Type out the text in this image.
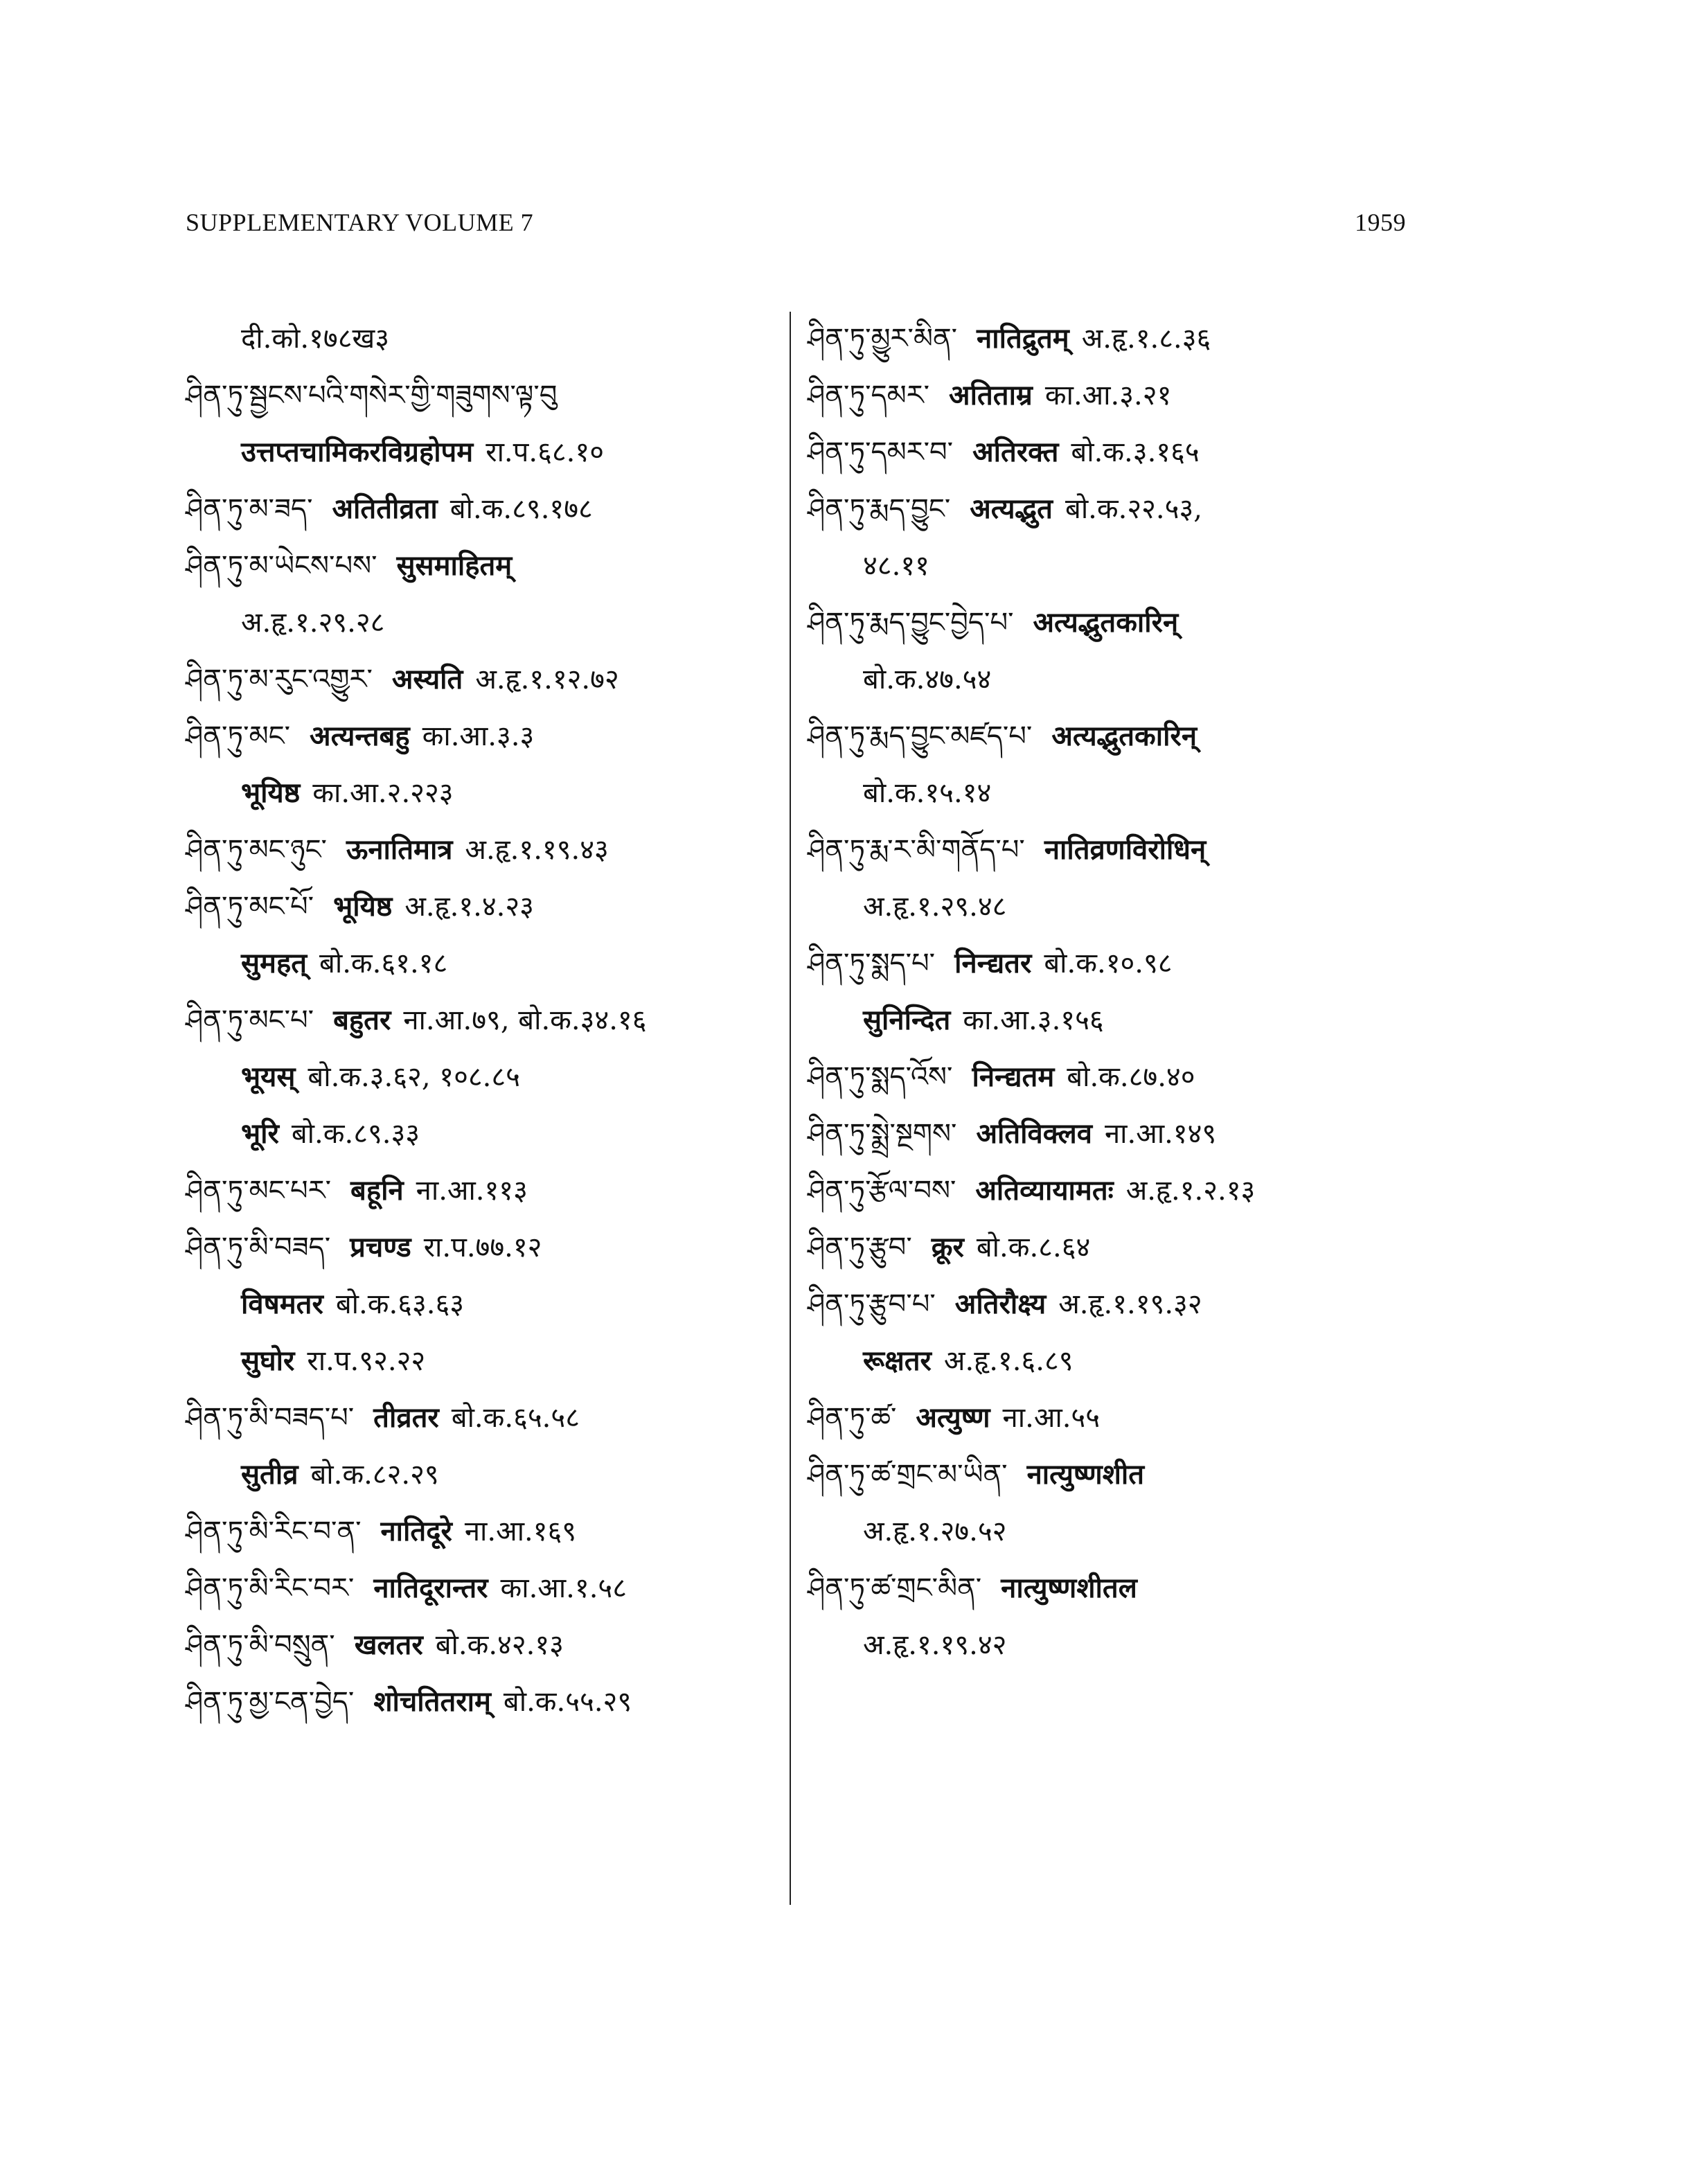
SUPPLEMENTARY VOLUME 7	1959
दी.को.१७८ख३
ཤིན་ཏུ་སྦྱངས་པའི་གསེར་གྱི་གཟུགས་ལྟ་བུ
उत्तप्तचामिकरविग्रहोपम रा.प.६८.१०
ཤིན་ཏུ་མ་ཟད་ अतितीव्रता बो.क.८९.१७८
ཤིན་ཏུ་མ་ཡེངས་པས་ सुसमाहितम्
अ.हृ.१.२९.२८
ཤིན་ཏུ་མ་རུང་འགྱུར་ अस्यति अ.हृ.१.१२.७२
ཤིན་ཏུ་མང་ अत्यन्तबहु का.आ.३.३
भूयिष्ठ का.आ.२.२२३
ཤིན་ཏུ་མང་ཉུང་ ऊनातिमात्र अ.हृ.१.१९.४३
ཤིན་ཏུ་མང་པོ་ भूयिष्ठ अ.हृ.१.४.२३
सुमहत् बो.क.६१.१८
ཤིན་ཏུ་མང་པ་ बहुतर ना.आ.७९, बो.क.३४.१६
भूयस् बो.क.३.६२, १०८.८५
भूरि बो.क.८९.३३
ཤིན་ཏུ་མང་པར་ बहूनि ना.आ.११३
ཤིན་ཏུ་མི་བཟད་ प्रचण्ड रा.प.७७.१२
विषमतर बो.क.६३.६३
सुघोर रा.प.९२.२२
ཤིན་ཏུ་མི་བཟད་པ་ तीव्रतर बो.क.६५.५८
सुतीव्र बो.क.८२.२९
ཤིན་ཏུ་མི་རིང་བ་ན་ नातिदूरे ना.आ.१६९
ཤིན་ཏུ་མི་རིང་བར་ नातिदूरान्तर का.आ.१.५८
ཤིན་ཏུ་མི་བསྲུན་ खलतर बो.क.४२.१३
ཤིན་ཏུ་མྱ་ངན་བྱེད་ शोचतितराम् बो.क.५५.२९
ཤིན་ཏུ་མྱུར་མིན་ नातिद्रुतम् अ.हृ.१.८.३६
ཤིན་ཏུ་དམར་ अतिताम्र का.आ.३.२१
ཤིན་ཏུ་དམར་བ་ अतिरक्त बो.क.३.१६५
ཤིན་ཏུ་རྨད་བྱུང་ अत्यद्भुत बो.क.२२.५३,
४८.११
ཤིན་ཏུ་རྨད་བྱུང་བྱེད་པ་ अत्यद्भुतकारिन्
बो.क.४७.५४
ཤིན་ཏུ་རྨད་བྱུང་མཛད་པ་ अत्यद्भुतकारिन्
बो.क.१५.१४
ཤིན་ཏུ་རྨ་ར་མི་གནོད་པ་ नातिव्रणविरोधिन्
अ.हृ.१.२९.४८
ཤིན་ཏུ་སྨད་པ་ निन्द्यतर बो.क.१०.९८
सुनिन्दित का.आ.३.१५६
ཤིན་ཏུ་སྨད་འོས་ निन्द्यतम बो.क.८७.४०
ཤིན་ཏུ་སྨྲེ་སྔགས་ अतिविक्लव ना.आ.१४९
ཤིན་ཏུ་རྩོལ་བས་ अतिव्यायामतः अ.हृ.१.२.१३
ཤིན་ཏུ་རྩུབ་ क्रूर बो.क.८.६४
ཤིན་ཏུ་རྩུབ་པ་ अतिरौक्ष्य अ.हृ.१.१९.३२
रूक्षतर अ.हृ.१.६.८९
ཤིན་ཏུ་ཚ་ अत्युष्ण ना.आ.५५
ཤིན་ཏུ་ཚ་གྲང་མ་ཡིན་ नात्युष्णशीत
अ.हृ.१.२७.५२
ཤིན་ཏུ་ཚ་གྲང་མིན་ नात्युष्णशीतल
अ.हृ.१.१९.४२
